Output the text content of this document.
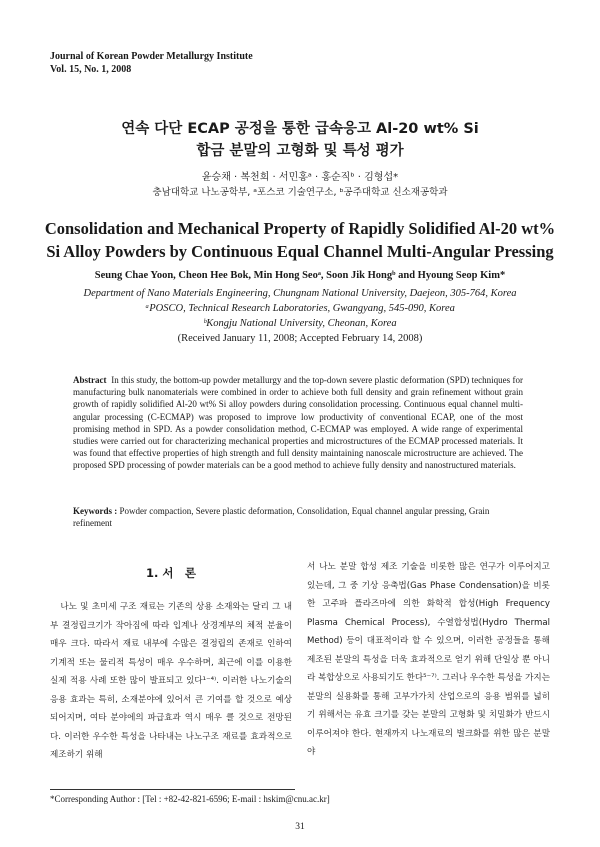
Journal of Korean Powder Metallurgy Institute
Vol. 15, No. 1, 2008
연속 다단 ECAP 공정을 통한 급속응고 Al-20 wt% Si
합금 분말의 고형화 및 특성 평가
윤승채 · 복천희 · 서민홍ᵃ · 홍순직ᵇ · 김형섭*
충남대학교 나노공학부, ᵃ포스코 기술연구소, ᵇ공주대학교 신소재공학과
Consolidation and Mechanical Property of Rapidly Solidified Al-20 wt%
Si Alloy Powders by Continuous Equal Channel Multi-Angular Pressing
Seung Chae Yoon, Cheon Hee Bok, Min Hong Seoᵃ, Soon Jik Hongᵇ and Hyoung Seop Kim*
Department of Nano Materials Engineering, Chungnam National University, Daejeon, 305-764, Korea
ᵃPOSCO, Technical Research Laboratories, Gwangyang, 545-090, Korea
ᵇKongju National University, Cheonan, Korea
(Received January 11, 2008; Accepted February 14, 2008)
Abstract In this study, the bottom-up powder metallurgy and the top-down severe plastic deformation (SPD) techniques for manufacturing bulk nanomaterials were combined in order to achieve both full density and grain refinement without grain growth of rapidly solidified Al-20 wt% Si alloy powders during consolidation processing. Continuous equal channel multi-angular processing (C-ECMAP) was proposed to improve low productivity of conventional ECAP, one of the most promising method in SPD. As a powder consolidation method, C-ECMAP was employed. A wide range of experimental studies were carried out for characterizing mechanical properties and microstructures of the ECMAP processed materials. It was found that effective properties of high strength and full density maintaining nanoscale microstructure are achieved. The proposed SPD processing of powder materials can be a good method to achieve fully density and nanostructured materials.
Keywords : Powder compaction, Severe plastic deformation, Consolidation, Equal channel angular pressing, Grain refinement
1. 서　론

나노 및 초미세 구조 재료는 기존의 상용 소재와는 달리 그 내부 결정립크기가 작아짐에 따라 입계나 상경계부의 체적 분율이 매우 크다. 따라서 재료 내부에 수많은 결정립의 존재로 인하여 기계적 또는 물리적 특성이 매우 우수하며, 최근에 이를 이용한 실제 적용 사례 또한 많이 발표되고 있다¹⁻⁴⁾. 이러한 나노기술의 응용 효과는 특히, 소재분야에 있어서 큰 기여를 할 것으로 예상되어지며, 여타 분야에의 파급효과 역시 매우 클 것으로 전망된다. 이러한 우수한 특성을 나타내는 나노구조 재료를 효과적으로 제조하기 위해

서 나노 분말 합성 제조 기술을 비롯한 많은 연구가 이루어지고 있는데, 그 중 기상 응축법(Gas Phase Condensation)을 비롯한 고주파 플라즈마에 의한 화학적 합성(High Frequency Plasma Chemical Process), 수열합성법(Hydro Thermal Method) 등이 대표적이라 할 수 있으며, 이러한 공정들을 통해 제조된 분말의 특성을 더욱 효과적으로 얻기 위해 단일상 뿐 아니라 복합상으로 사용되기도 한다⁵⁻⁷⁾. 그러나 우수한 특성을 가지는 분말의 실용화를 통해 고부가가치 산업으로의 응용 범위를 넓히기 위해서는 유효 크기를 갖는 분말의 고형화 및 치밀화가 반드시 이루어져야 한다. 현재까지 나노재료의 벌크화를 위한 많은 분말야

*Corresponding Author : [Tel : +82-42-821-6596; E-mail : hskim@cnu.ac.kr]
31
